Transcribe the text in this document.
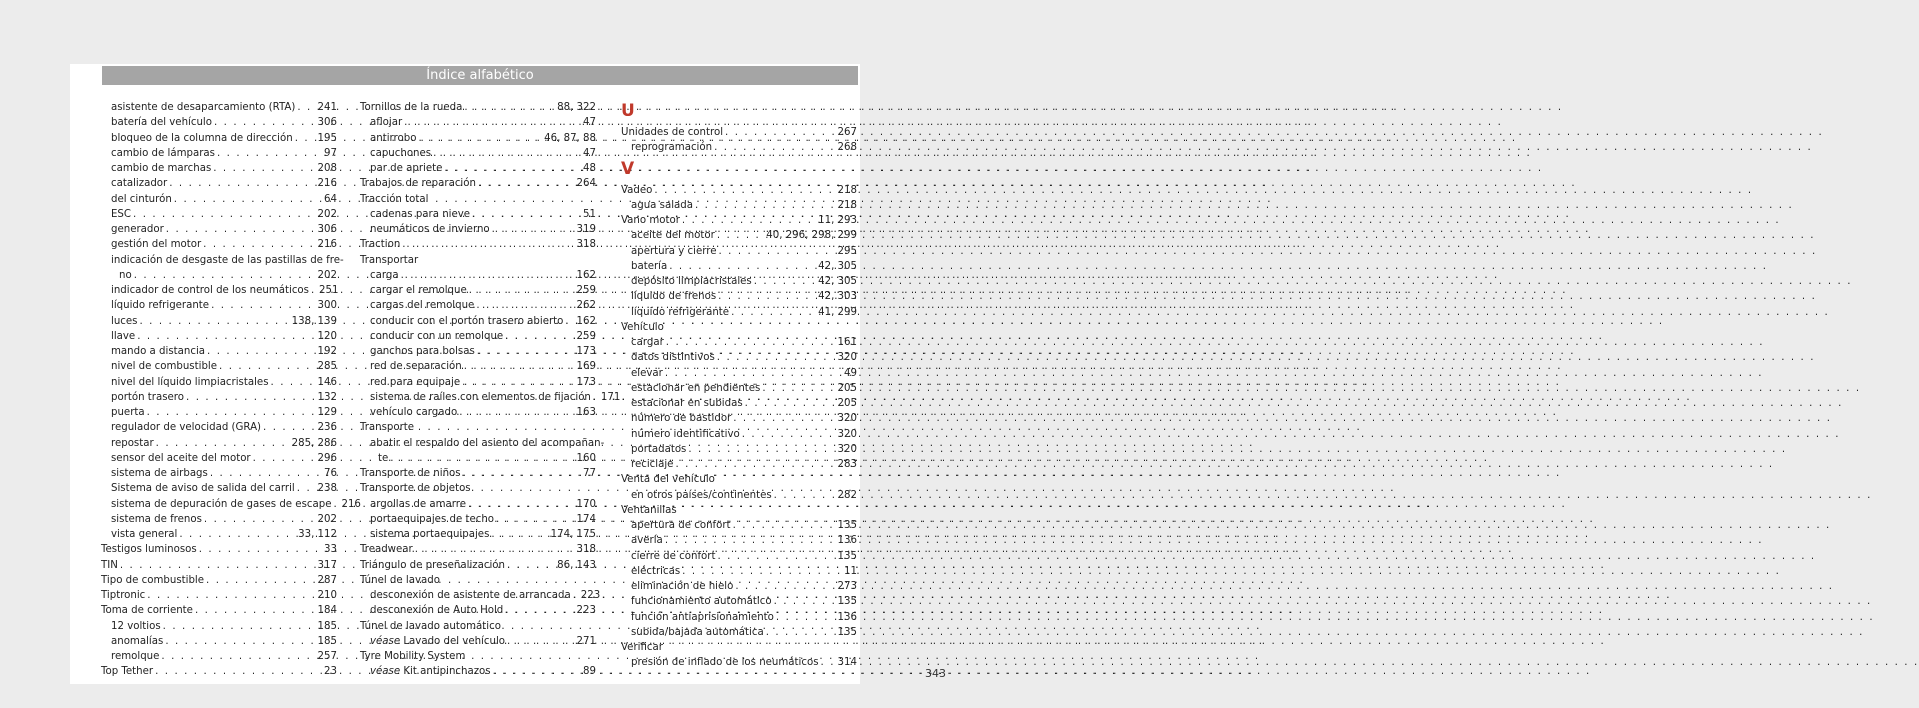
Índice alfabético
asistente de desaparcamiento (RTA) . . . 241
batería del vehículo . . .	306
bloqueo de la columna de dirección . . . 195
cambio de lámparas . . .	97
cambio de marchas . . .	208
catalizador . . .	216
del cinturón . . .	64
ESC . . .	202
generador . . .	306
gestión del motor . . .	216
indicación de desgaste de las pastillas de fre-
no . . .	202
indicador de control de los neumáticos . . . 251
líquido refrigerante . . .	300
luces . . .	138, 139
llave . . .	120
mando a distancia . . .	192
nivel de combustible . . .	285
nivel del líquido limpiacristales . . .	146
portón trasero . . .	132
puerta . . .	129
regulador de velocidad (GRA) . . .	236
repostar . . .	285, 286
sensor del aceite del motor . . .	296
sistema de airbags . . .	76
Sistema de aviso de salida del carril . . . 238
sistema de depuración de gases de escape . . . 216
sistema de frenos . . .	202
vista general . . .	33, 112
Testigos luminosos . . .	33
TIN . . .	317
Tipo de combustible . . .	287
Tiptronic . . .	210
Toma de corriente . . .	184
12 voltios . . .	185
anomalías . . .	185
remolque . . .	257
Top Tether . . .	23
Tornillos de la rueda . . .	88, 322
aflojar . . .	47
antirrobo . . .	46, 87, 88
capuchones . . .	47
par de apriete . . .	48
Trabajos de reparación . . .	264
Tracción total
cadenas para nieve . . .	51
neumáticos de invierno . . .	319
Traction . . .	318
Transportar
carga . . .	162
cargar el remolque . . .	259
cargas del remolque . . .	262
conducir con el portón trasero abierto . . . 162
conducir con un remolque . . .	259
ganchos para bolsas . . .	173
red de separación . . .	169
red para equipaje . . .	173
sistema de raíles con elementos de fijación . . . 171
vehículo cargado . . .	163
Transporte
abatir el respaldo del asiento del acompañan-
te . . .	160
Transporte de niños . . .	77
Transporte de objetos
argollas de amarre . . .	170
portaequipajes de techo . . .	174
sistema portaequipajes . . .	174, 175
Treadwear . . .	318
Triángulo de preseñalización . . .	86, 143
Túnel de lavado
desconexión de asistente de arrancada . . . 223
desconexión de Auto Hold . . .	223
Túnel de lavado automático
véase Lavado del vehículo . . .	271
Tyre Mobility System
véase Kit antipinchazos . . .	89
U
Unidades de control . . .	267
reprogramación . . .	268
V
Vadeo . . .	218
agua salada . . .	218
Vano motor . . .	11, 293
aceite del motor . . .	40, 296, 298, 299
apertura y cierre . . .	295
batería . . .	42, 305
depósito limpiacristales . . .	42, 305
líquido de frenos . . .	42, 303
líquido refrigerante . . .	41, 299
Vehículo
cargar . . .	161
datos distintivos . . .	320
elevar . . .	49
estacionar en pendientes . . .	205
estacionar en subidas . . .	205
número de bastidor . . .	320
número identificativo . . .	320
portadatos . . .	320
reciclaje . . .	283
Venta del vehículo
en otros países/continentes . . .	282
Ventanillas
apertura de confort . . .	135
avería . . .	136
cierre de confort . . .	135
eléctricas . . .	11
eliminación de hielo . . .	273
funcionamiento automático . . .	135
función antiaprisionamiento . . .	136
subida/bajada automática . . .	135
Verificar
presión de inflado de los neumáticos . . . 314
343
